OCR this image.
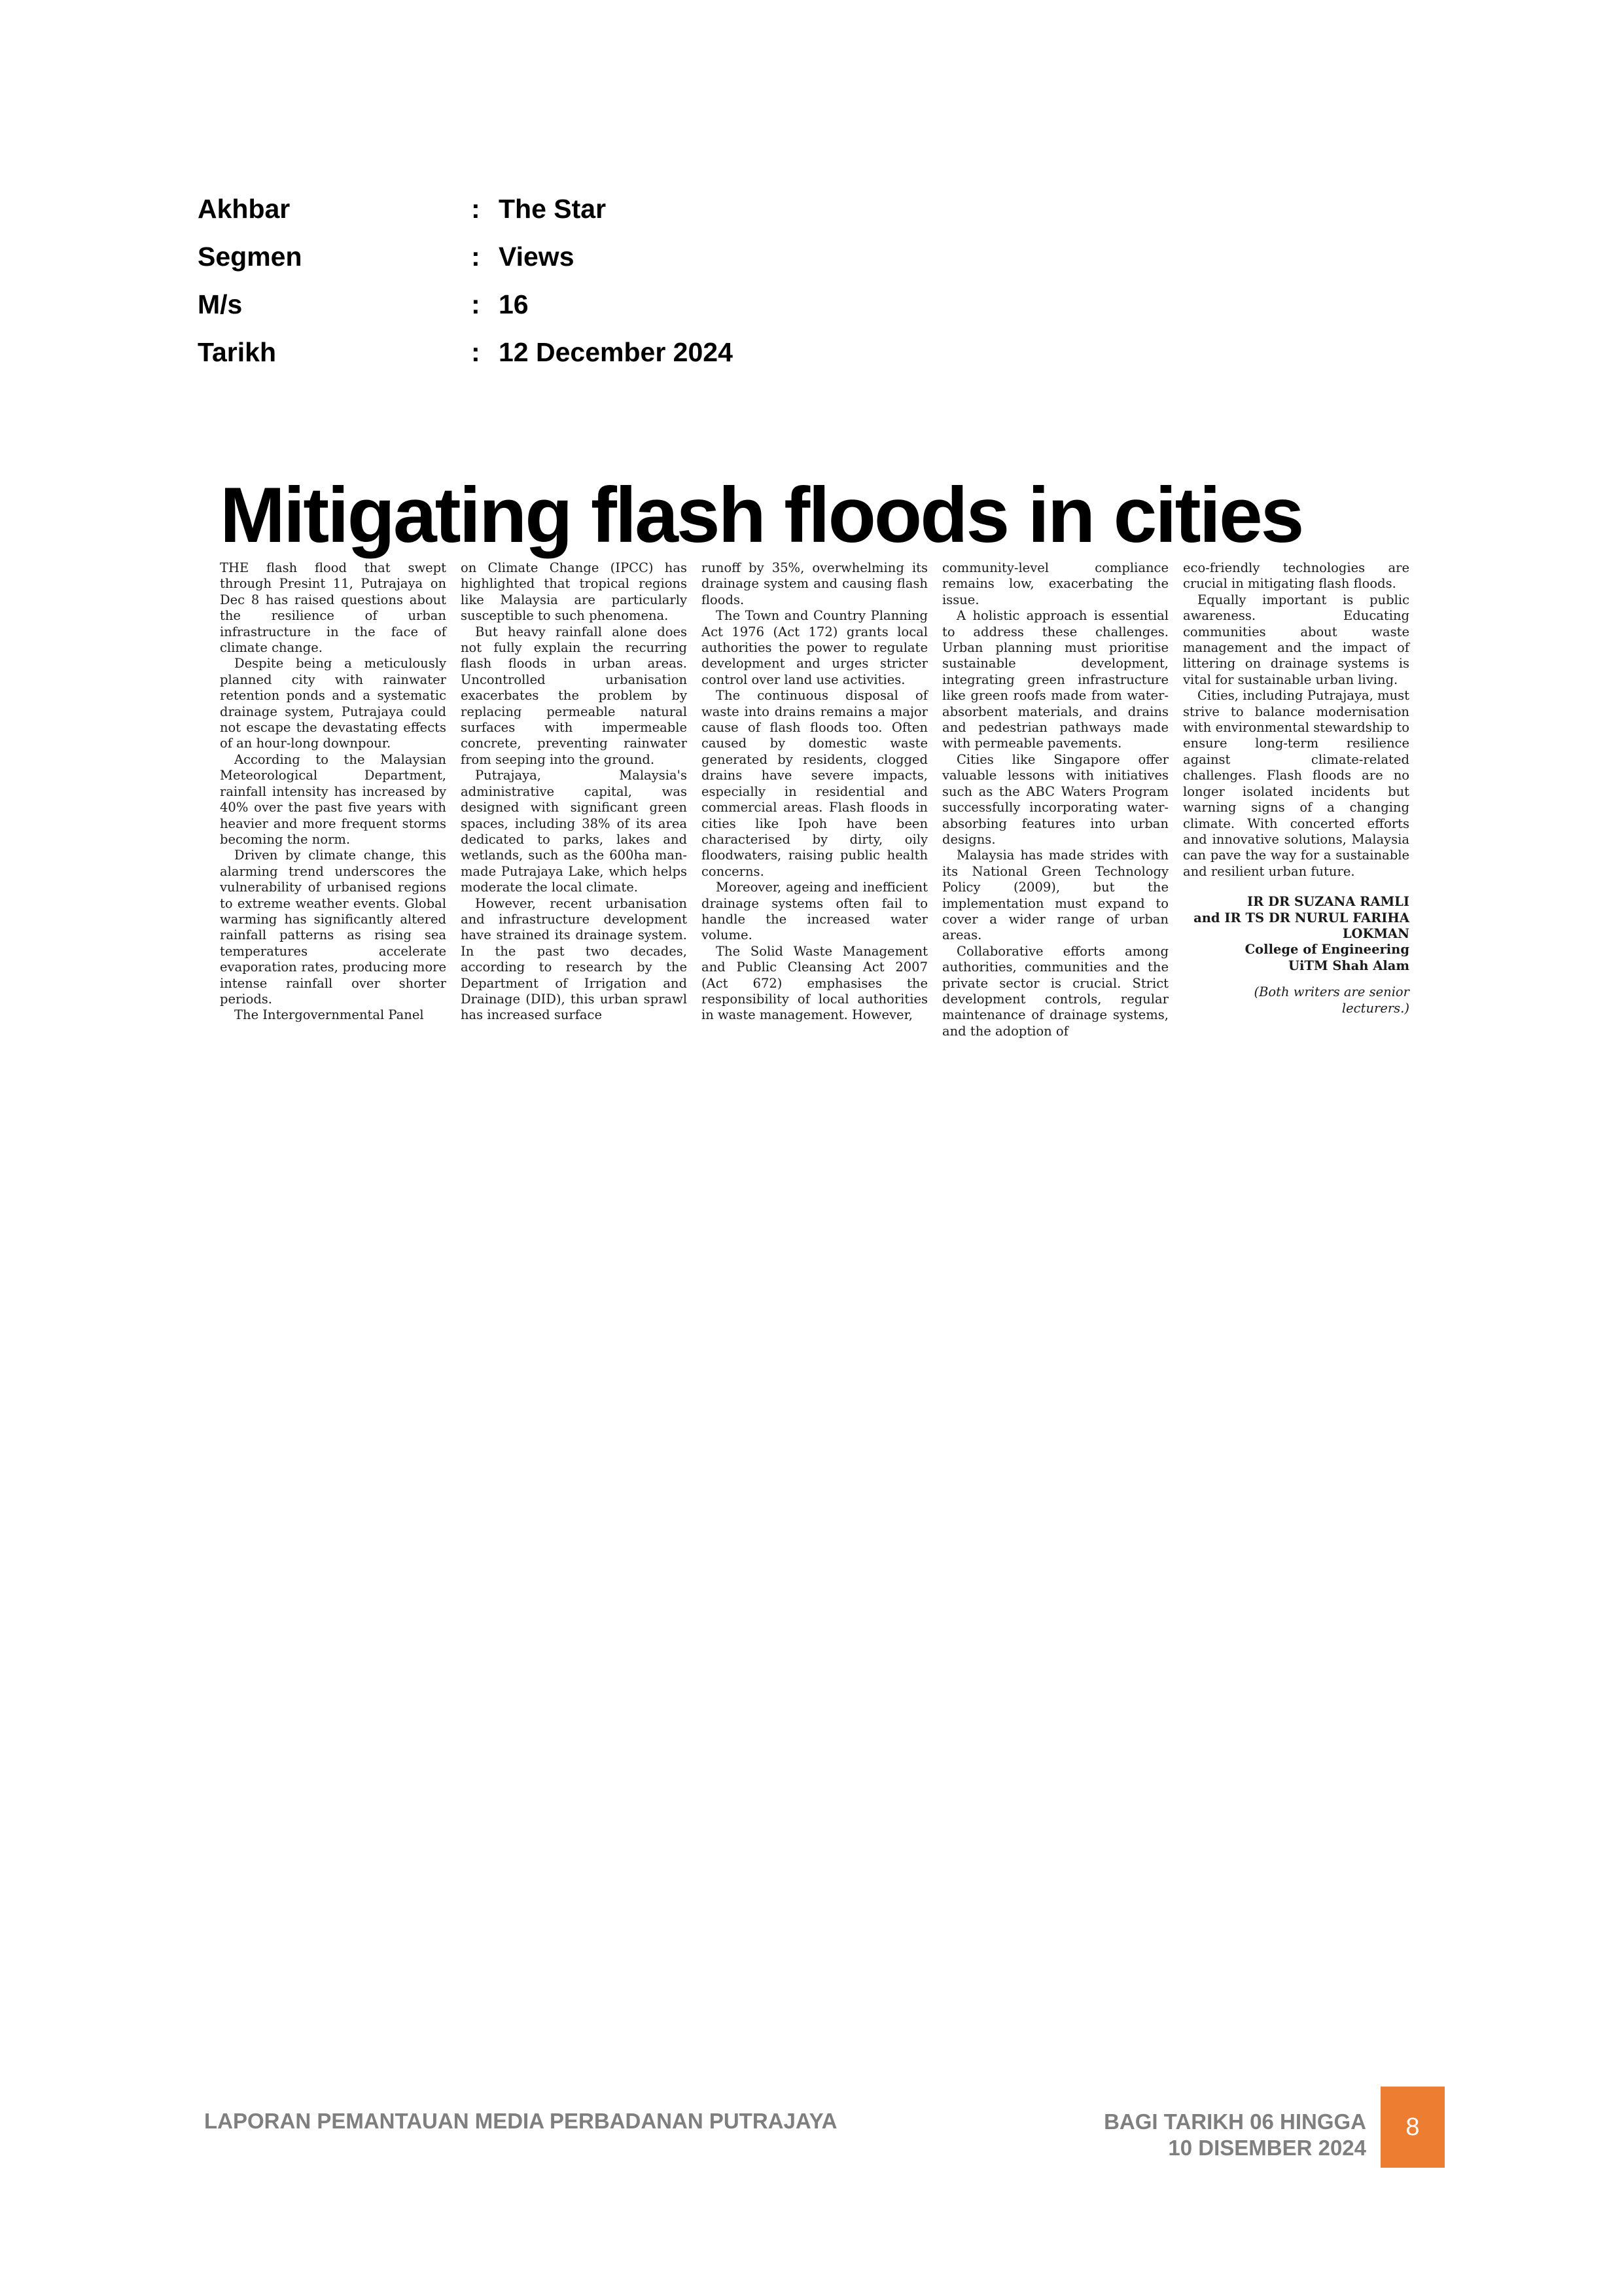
Akhbar	: The Star
Segmen	: Views
M/s	: 16
Tarikh	: 12 December 2024
Mitigating flash floods in cities

THE flash flood that swept through Presint 11, Putrajaya on Dec 8 has raised questions about the resilience of urban infrastructure in the face of climate change.

Despite being a meticulously planned city with rainwater retention ponds and a systematic drainage system, Putrajaya could not escape the devastating effects of an hour-long downpour.

According to the Malaysian Meteorological Department, rainfall intensity has increased by 40% over the past five years with heavier and more frequent storms becoming the norm.

Driven by climate change, this alarming trend underscores the vulnerability of urbanised regions to extreme weather events. Global warming has significantly altered rainfall patterns as rising sea temperatures accelerate evaporation rates, producing more intense rainfall over shorter periods.

The Intergovernmental Panel

on Climate Change (IPCC) has highlighted that tropical regions like Malaysia are particularly susceptible to such phenomena.

But heavy rainfall alone does not fully explain the recurring flash floods in urban areas. Uncontrolled urbanisation exacerbates the problem by replacing permeable natural surfaces with impermeable concrete, preventing rainwater from seeping into the ground.

Putrajaya, Malaysia's administrative capital, was designed with significant green spaces, including 38% of its area dedicated to parks, lakes and wetlands, such as the 600ha man-made Putrajaya Lake, which helps moderate the local climate.

However, recent urbanisation and infrastructure development have strained its drainage system. In the past two decades, according to research by the Department of Irrigation and Drainage (DID), this urban sprawl has increased surface

runoff by 35%, overwhelming its drainage system and causing flash floods.

The Town and Country Planning Act 1976 (Act 172) grants local authorities the power to regulate development and urges stricter control over land use activities.

The continuous disposal of waste into drains remains a major cause of flash floods too. Often caused by domestic waste generated by residents, clogged drains have severe impacts, especially in residential and commercial areas. Flash floods in cities like Ipoh have been characterised by dirty, oily floodwaters, raising public health concerns.

Moreover, ageing and inefficient drainage systems often fail to handle the increased water volume.

The Solid Waste Management and Public Cleansing Act 2007 (Act 672) emphasises the responsibility of local authorities in waste management. However,

community-level compliance remains low, exacerbating the issue.

A holistic approach is essential to address these challenges. Urban planning must prioritise sustainable development, integrating green infrastructure like green roofs made from water-absorbent materials, and drains and pedestrian pathways made with permeable pavements.

Cities like Singapore offer valuable lessons with initiatives such as the ABC Waters Program successfully incorporating water-absorbing features into urban designs.

Malaysia has made strides with its National Green Technology Policy (2009), but the implementation must expand to cover a wider range of urban areas.

Collaborative efforts among authorities, communities and the private sector is crucial. Strict development controls, regular maintenance of drainage systems, and the adoption of

eco-friendly technologies are crucial in mitigating flash floods.

Equally important is public awareness. Educating communities about waste management and the impact of littering on drainage systems is vital for sustainable urban living.

Cities, including Putrajaya, must strive to balance modernisation with environmental stewardship to ensure long-term resilience against climate-related challenges. Flash floods are no longer isolated incidents but warning signs of a changing climate. With concerted efforts and innovative solutions, Malaysia can pave the way for a sustainable and resilient urban future.

IR DR SUZANA RAMLI
and IR TS DR NURUL FARIHA
LOKMAN
College of Engineering
UiTM Shah Alam
(Both writers are senior lecturers.)
LAPORAN PEMANTAUAN MEDIA PERBADANAN PUTRAJAYA	BAGI TARIKH 06 HINGGA
10 DISEMBER 2024
8
